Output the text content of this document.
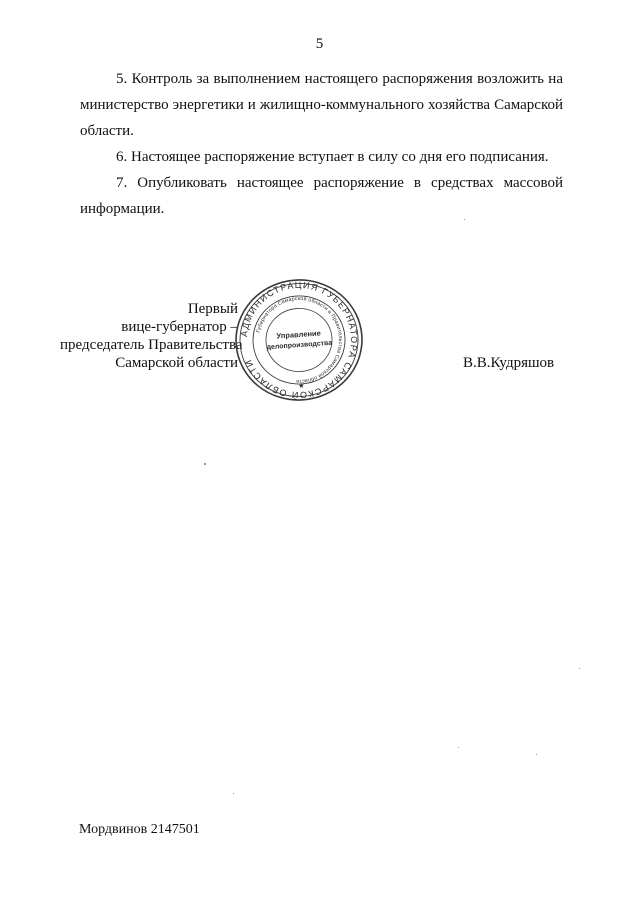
5

5. Контроль за выполнением настоящего распоряжения возложить на министерство энергетики и жилищно-коммунального хозяйства Самарской области.

6. Настоящее распоряжение вступает в силу со дня его подписания.

7. Опубликовать настоящее распоряжение в средствах массовой информации.

Первый
вице-губернатор –
председатель Правительства
Самарской области
АДМИНИСТРАЦИЯ ГУБЕРНАТОРА САМАРСКОЙ ОБЛАСТИ
Губернатора Самарской области и Правительства Самарской области
Управление
делопроизводства
★
В.В.Кудряшов
Мордвинов 2147501
